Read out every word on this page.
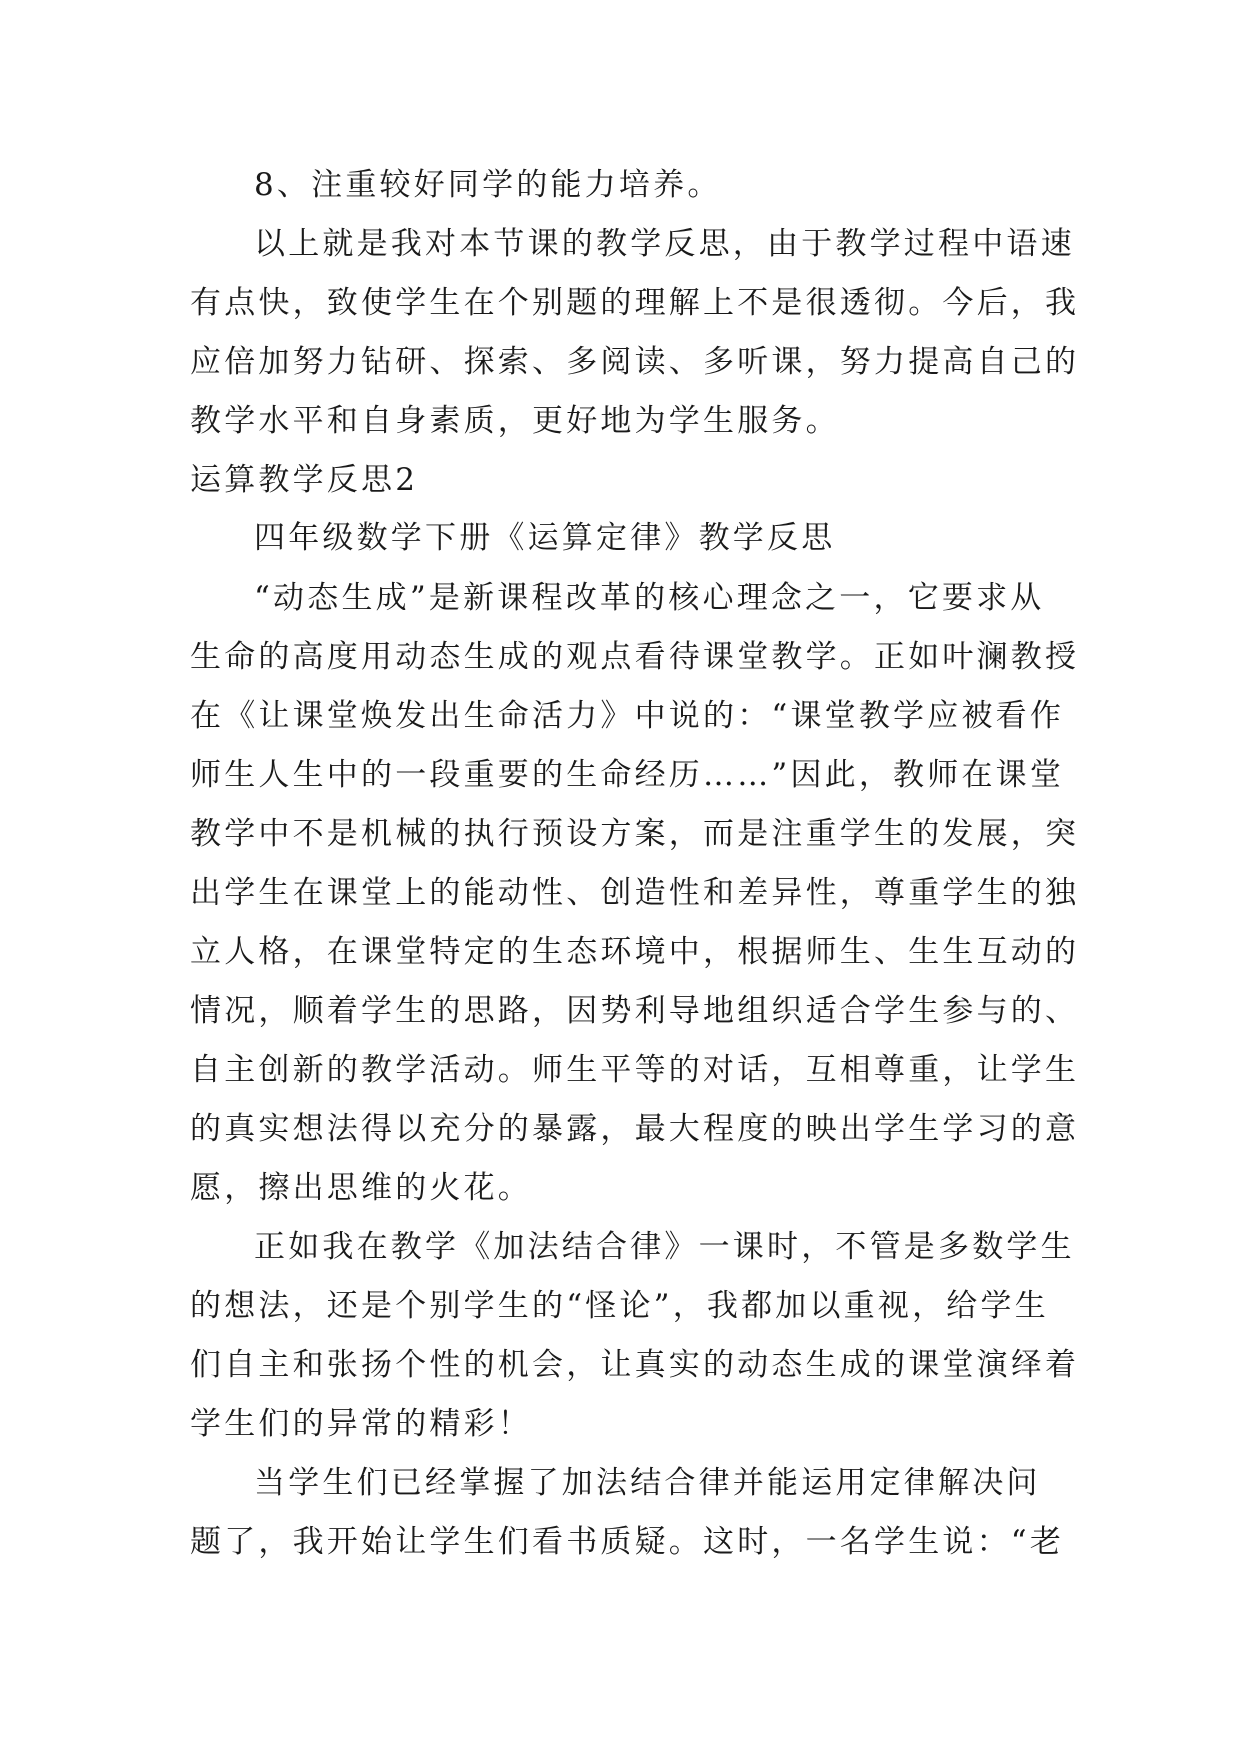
8、注重较好同学的能力培养。
以上就是我对本节课的教学反思，由于教学过程中语速
有点快，致使学生在个别题的理解上不是很透彻。今后，我
应倍加努力钻研、探索、多阅读、多听课，努力提高自己的
教学水平和自身素质，更好地为学生服务。
运算教学反思2
四年级数学下册《运算定律》教学反思
“动态生成”是新课程改革的核心理念之一，它要求从
生命的高度用动态生成的观点看待课堂教学。正如叶澜教授
在《让课堂焕发出生命活力》中说的：“课堂教学应被看作
师生人生中的一段重要的生命经历……”因此，教师在课堂
教学中不是机械的执行预设方案，而是注重学生的发展，突
出学生在课堂上的能动性、创造性和差异性，尊重学生的独
立人格，在课堂特定的生态环境中，根据师生、生生互动的
情况，顺着学生的思路，因势利导地组织适合学生参与的、
自主创新的教学活动。师生平等的对话，互相尊重，让学生
的真实想法得以充分的暴露，最大程度的映出学生学习的意
愿，擦出思维的火花。
正如我在教学《加法结合律》一课时，不管是多数学生
的想法，还是个别学生的“怪论”，我都加以重视，给学生
们自主和张扬个性的机会，让真实的动态生成的课堂演绎着
学生们的异常的精彩！
当学生们已经掌握了加法结合律并能运用定律解决问
题了，我开始让学生们看书质疑。这时，一名学生说：“老
